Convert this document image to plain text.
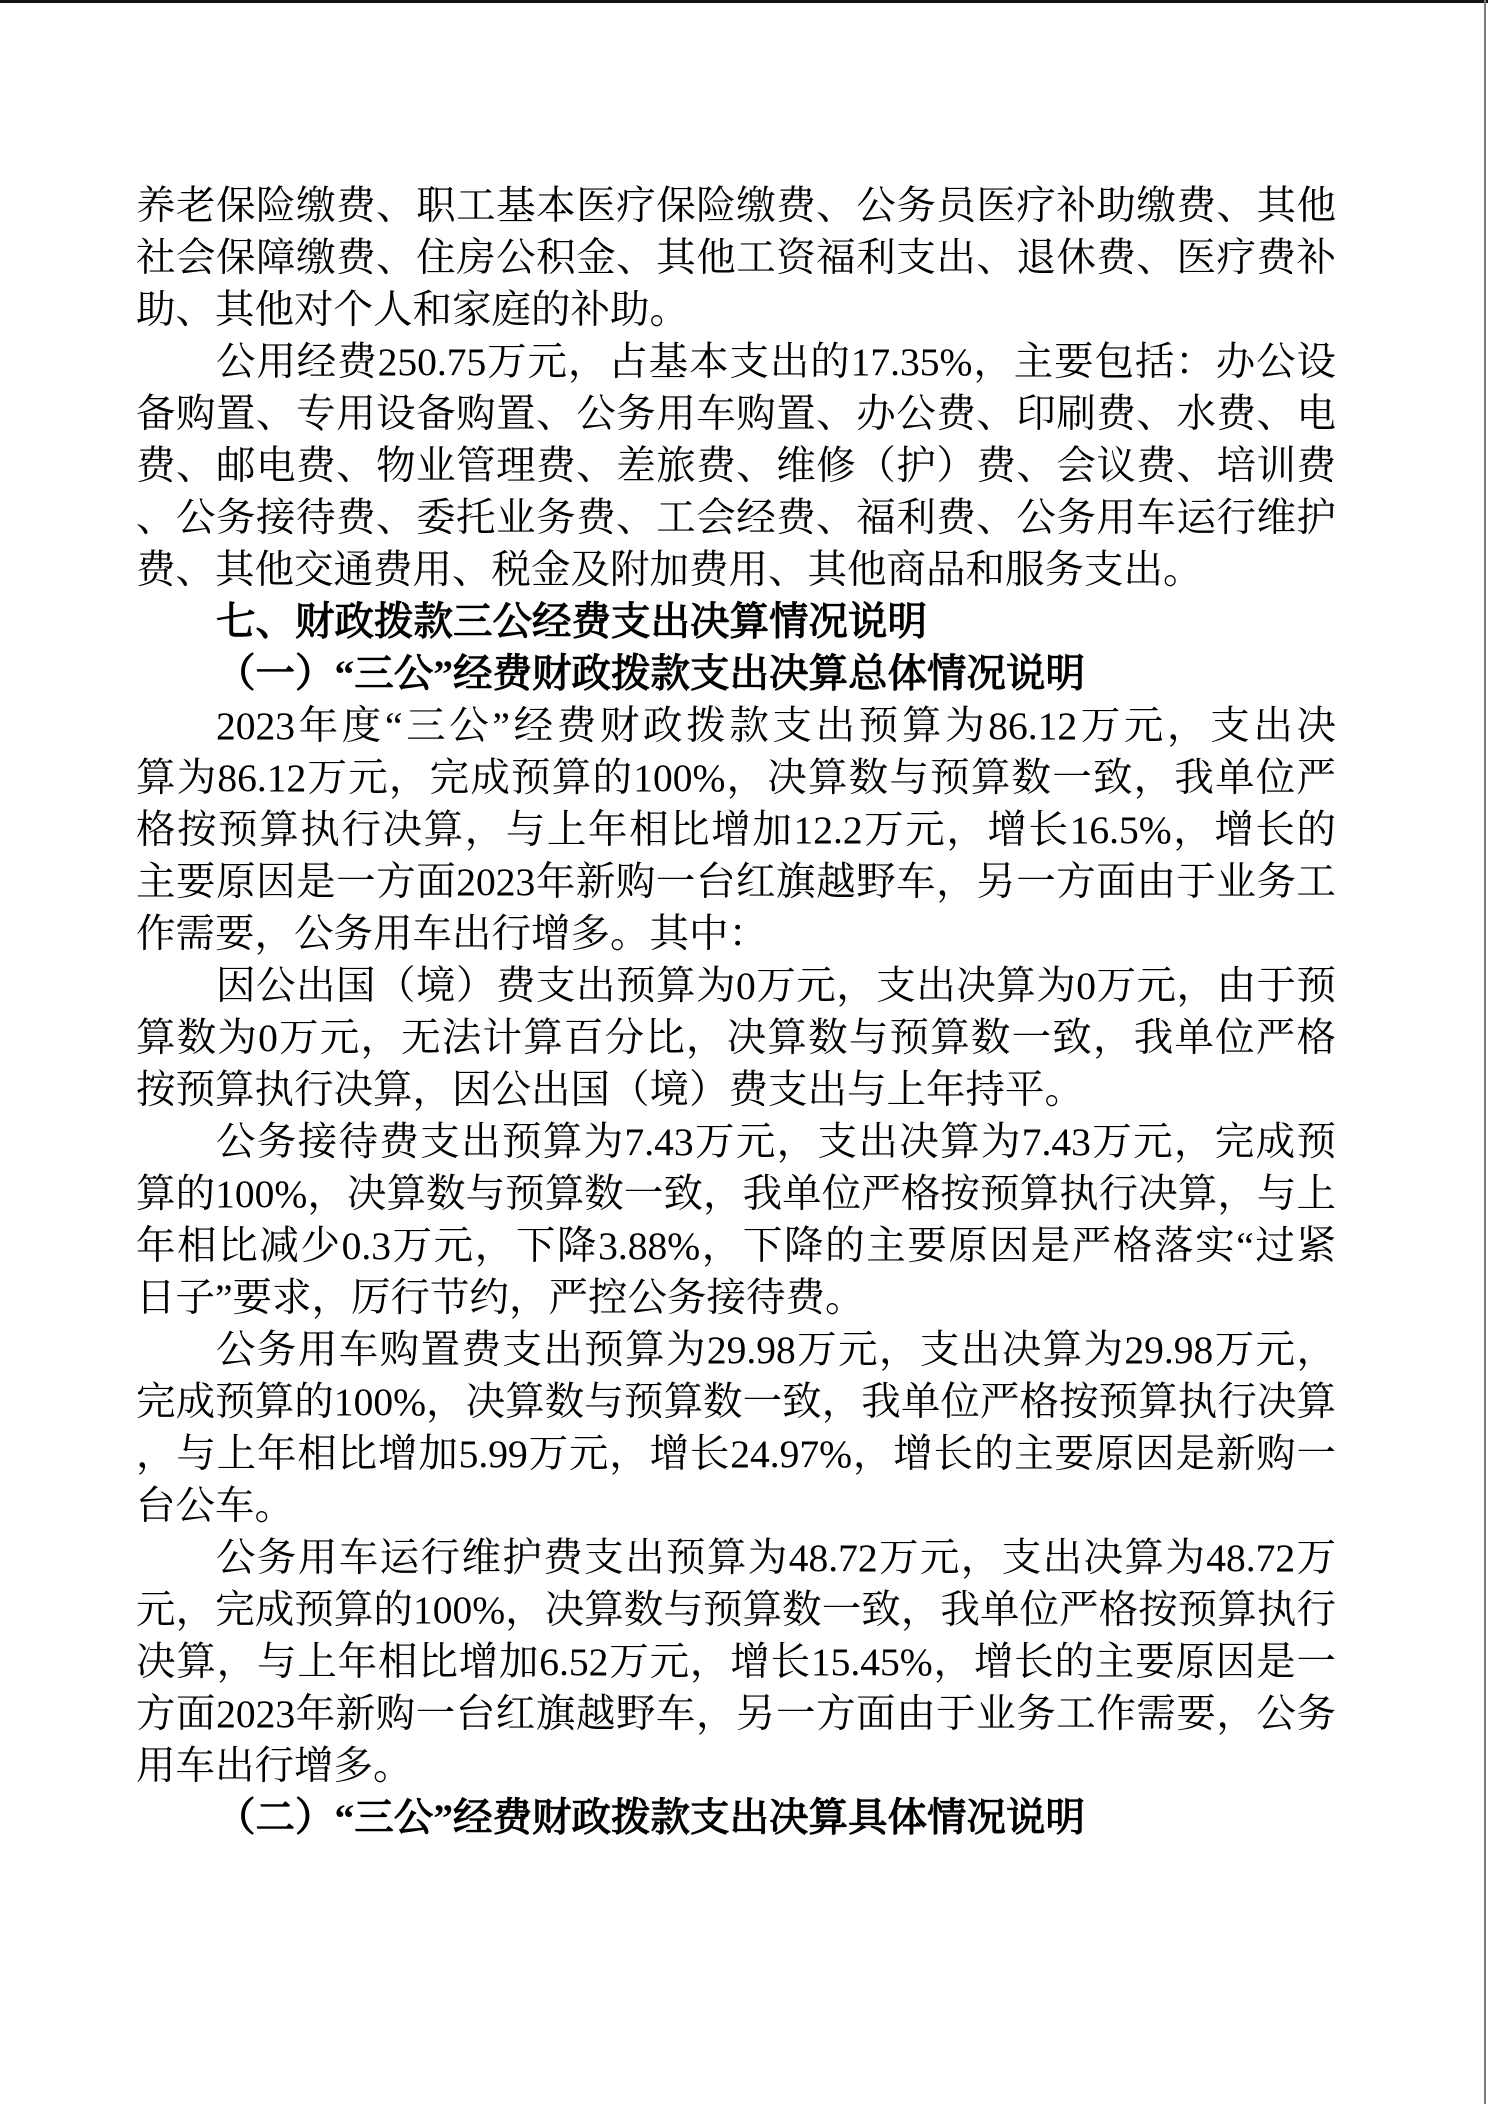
养老保险缴费、职工基本医疗保险缴费、公务员医疗补助缴费、其他
社会保障缴费、住房公积金、其他工资福利支出、退休费、医疗费补
助、其他对个人和家庭的补助。
公用经费250.75万元，占基本支出的17.35%，主要包括：办公设
备购置、专用设备购置、公务用车购置、办公费、印刷费、水费、电
费、邮电费、物业管理费、差旅费、维修（护）费、会议费、培训费
、公务接待费、委托业务费、工会经费、福利费、公务用车运行维护
费、其他交通费用、税金及附加费用、其他商品和服务支出。
七、财政拨款三公经费支出决算情况说明
（一）“三公”经费财政拨款支出决算总体情况说明
2023年度“三公”经费财政拨款支出预算为86.12万元，支出决
算为86.12万元，完成预算的100%，决算数与预算数一致，我单位严
格按预算执行决算，与上年相比增加12.2万元，增长16.5%，增长的
主要原因是一方面2023年新购一台红旗越野车，另一方面由于业务工
作需要，公务用车出行增多。其中：
因公出国（境）费支出预算为0万元，支出决算为0万元，由于预
算数为0万元，无法计算百分比，决算数与预算数一致，我单位严格
按预算执行决算，因公出国（境）费支出与上年持平。
公务接待费支出预算为7.43万元，支出决算为7.43万元，完成预
算的100%，决算数与预算数一致，我单位严格按预算执行决算，与上
年相比减少0.3万元，下降3.88%，下降的主要原因是严格落实“过紧
日子”要求，厉行节约，严控公务接待费。
公务用车购置费支出预算为29.98万元，支出决算为29.98万元，
完成预算的100%，决算数与预算数一致，我单位严格按预算执行决算
，与上年相比增加5.99万元，增长24.97%，增长的主要原因是新购一
台公车。
公务用车运行维护费支出预算为48.72万元，支出决算为48.72万
元，完成预算的100%，决算数与预算数一致，我单位严格按预算执行
决算，与上年相比增加6.52万元，增长15.45%，增长的主要原因是一
方面2023年新购一台红旗越野车，另一方面由于业务工作需要，公务
用车出行增多。
（二）“三公”经费财政拨款支出决算具体情况说明
